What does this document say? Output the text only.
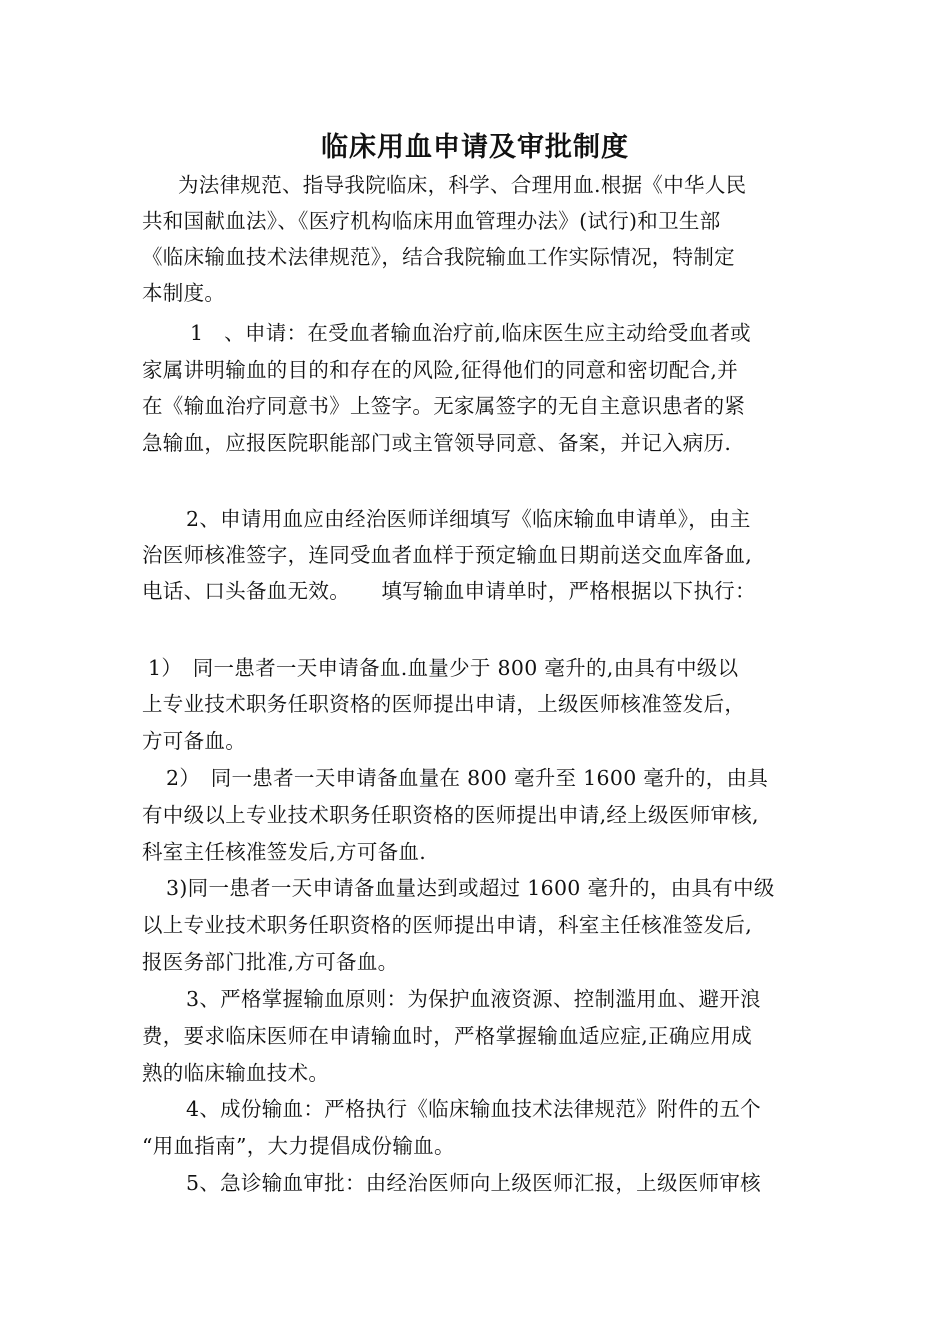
临床用血申请及审批制度
为法律规范、指导我院临床，科学、合理用血.根据《中华人民
共和国献血法》、《医疗机构临床用血管理办法》(试行)和卫生部
《临床输血技术法律规范》，结合我院输血工作实际情况，特制定
本制度。
1　、申请：在受血者输血治疗前,临床医生应主动给受血者或
家属讲明输血的目的和存在的风险,征得他们的同意和密切配合,并
在《输血治疗同意书》上签字。无家属签字的无自主意识患者的紧
急输血，应报医院职能部门或主管领导同意、备案，并记入病历.
2、申请用血应由经治医师详细填写《临床输血申请单》，由主
治医师核准签字，连同受血者血样于预定输血日期前送交血库备血,
电话、口头备血无效。　　填写输血申请单时，严格根据以下执行：
1）　同一患者一天申请备血.血量少于 800 毫升的,由具有中级以
上专业技术职务任职资格的医师提出申请，上级医师核准签发后，
方可备血。
2）　同一患者一天申请备血量在 800 毫升至 1600 毫升的，由具
有中级以上专业技术职务任职资格的医师提出申请,经上级医师审核,
科室主任核准签发后,方可备血.
3)同一患者一天申请备血量达到或超过 1600 毫升的，由具有中级
以上专业技术职务任职资格的医师提出申请，科室主任核准签发后,
报医务部门批准,方可备血。
3、严格掌握输血原则：为保护血液资源、控制滥用血、避开浪
费，要求临床医师在申请输血时，严格掌握输血适应症,正确应用成
熟的临床输血技术。
4、成份输血：严格执行《临床输血技术法律规范》附件的五个
“用血指南”，大力提倡成份输血。
5、急诊输血审批：由经治医师向上级医师汇报，上级医师审核
